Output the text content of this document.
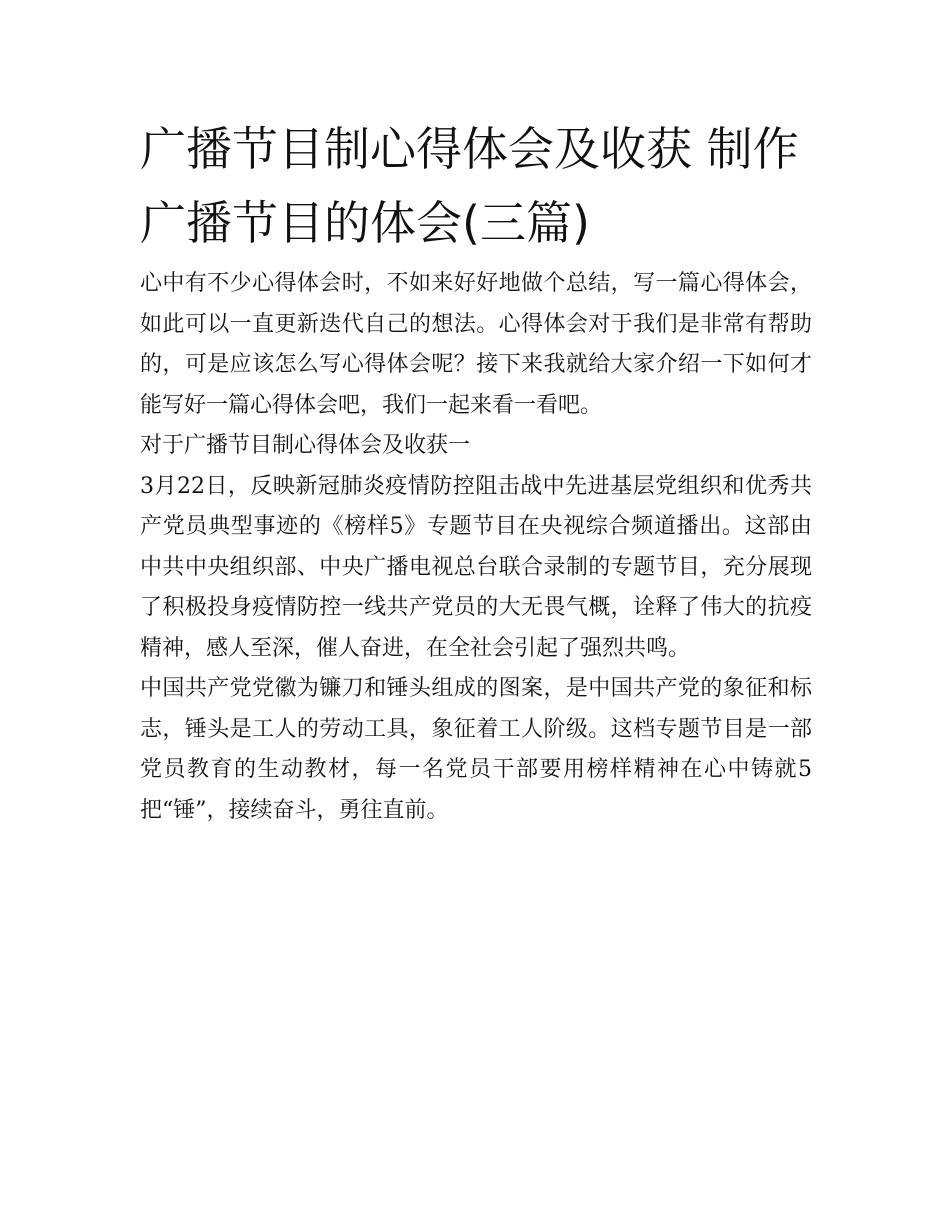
广播节目制心得体会及收获 制作广播节目的体会(三篇)

心中有不少心得体会时，不如来好好地做个总结，写一篇心得体会，如此可以一直更新迭代自己的想法。心得体会对于我们是非常有帮助的，可是应该怎么写心得体会呢？接下来我就给大家介绍一下如何才能写好一篇心得体会吧，我们一起来看一看吧。

对于广播节目制心得体会及收获一

3月22日，反映新冠肺炎疫情防控阻击战中先进基层党组织和优秀共产党员典型事迹的《榜样5》专题节目在央视综合频道播出。这部由中共中央组织部、中央广播电视总台联合录制的专题节目，充分展现了积极投身疫情防控一线共产党员的大无畏气概，诠释了伟大的抗疫精神，感人至深，催人奋进，在全社会引起了强烈共鸣。

中国共产党党徽为镰刀和锤头组成的图案，是中国共产党的象征和标志，锤头是工人的劳动工具，象征着工人阶级。这档专题节目是一部党员教育的生动教材，每一名党员干部要用榜样精神在心中铸就5把“锤”，接续奋斗，勇往直前。
